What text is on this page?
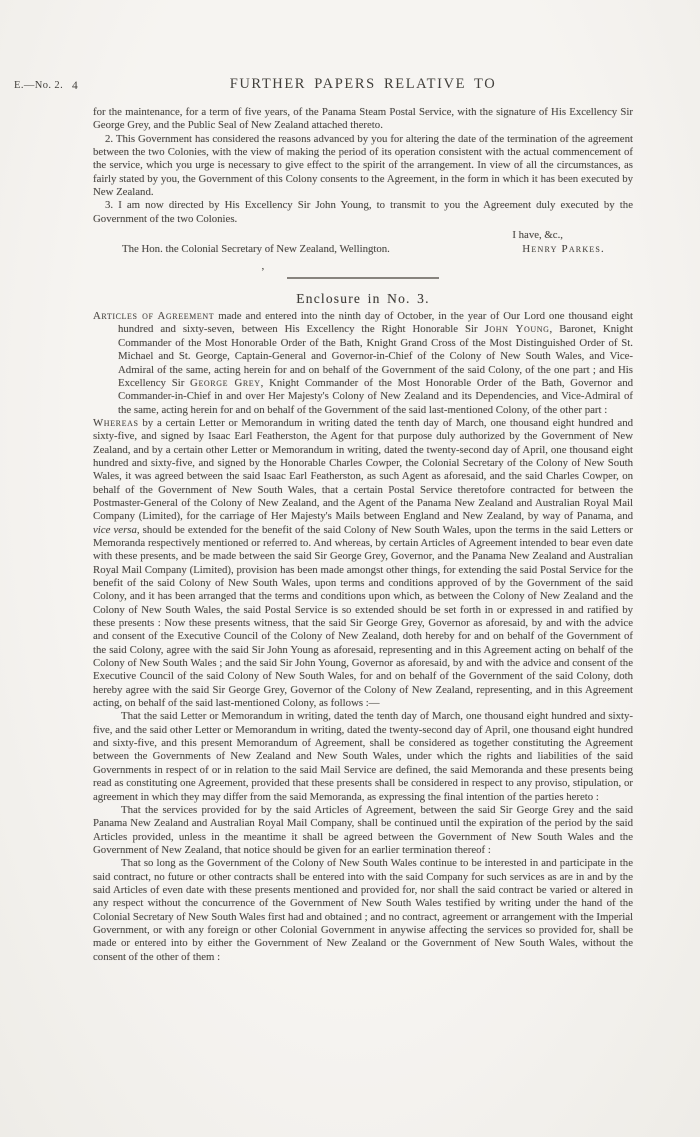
E.—No. 2. 4	FURTHER PAPERS RELATIVE TO

for the maintenance, for a term of five years, of the Panama Steam Postal Service, with the signature of His Excellency Sir George Grey, and the Public Seal of New Zealand attached thereto.

2. This Government has considered the reasons advanced by you for altering the date of the termination of the agreement between the two Colonies, with the view of making the period of its operation consistent with the actual commencement of the service, which you urge is necessary to give effect to the spirit of the arrangement. In view of all the circumstances, as fairly stated by you, the Government of this Colony consents to the Agreement, in the form in which it has been executed by New Zealand.

3. I am now directed by His Excellency Sir John Young, to transmit to you the Agreement duly executed by the Government of the two Colonies.

I have, &c.,
The Hon. the Colonial Secretary of New Zealand, Wellington.	Henry Parkes.
’
Enclosure in No. 3.

Articles of Agreement made and entered into the ninth day of October, in the year of Our Lord one thousand eight hundred and sixty-seven, between His Excellency the Right Honorable Sir John Young, Baronet, Knight Commander of the Most Honorable Order of the Bath, Knight Grand Cross of the Most Distinguished Order of St. Michael and St. George, Captain-General and Governor-in-Chief of the Colony of New South Wales, and Vice-Admiral of the same, acting herein for and on behalf of the Government of the said Colony, of the one part ; and His Excellency Sir George Grey, Knight Commander of the Most Honorable Order of the Bath, Governor and Commander-in-Chief in and over Her Majesty's Colony of New Zealand and its Dependencies, and Vice-Admiral of the same, acting herein for and on behalf of the Government of the said last-mentioned Colony, of the other part :

Whereas by a certain Letter or Memorandum in writing dated the tenth day of March, one thousand eight hundred and sixty-five, and signed by Isaac Earl Featherston, the Agent for that purpose duly authorized by the Government of New Zealand, and by a certain other Letter or Memorandum in writing, dated the twenty-second day of April, one thousand eight hundred and sixty-five, and signed by the Honorable Charles Cowper, the Colonial Secretary of the Colony of New South Wales, it was agreed between the said Isaac Earl Featherston, as such Agent as aforesaid, and the said Charles Cowper, on behalf of the Government of New South Wales, that a certain Postal Service theretofore contracted for between the Postmaster-General of the Colony of New Zealand, and the Agent of the Panama New Zealand and Australian Royal Mail Company (Limited), for the carriage of Her Majesty's Mails between England and New Zealand, by way of Panama, and vice versa, should be extended for the benefit of the said Colony of New South Wales, upon the terms in the said Letters or Memoranda respectively mentioned or referred to. And whereas, by certain Articles of Agreement intended to bear even date with these presents, and be made between the said Sir George Grey, Governor, and the Panama New Zealand and Australian Royal Mail Company (Limited), provision has been made amongst other things, for extending the said Postal Service for the benefit of the said Colony of New South Wales, upon terms and conditions approved of by the Government of the said Colony, and it has been arranged that the terms and conditions upon which, as between the Colony of New Zealand and the Colony of New South Wales, the said Postal Service is so extended should be set forth in or expressed in and ratified by these presents : Now these presents witness, that the said Sir George Grey, Governor as aforesaid, by and with the advice and consent of the Executive Council of the Colony of New Zealand, doth hereby for and on behalf of the Government of the said Colony, agree with the said Sir John Young as aforesaid, representing and in this Agreement acting on behalf of the Colony of New South Wales ; and the said Sir John Young, Governor as aforesaid, by and with the advice and consent of the Executive Council of the said Colony of New South Wales, for and on behalf of the Government of the said Colony, doth hereby agree with the said Sir George Grey, Governor of the Colony of New Zealand, representing, and in this Agreement acting, on behalf of the said last-mentioned Colony, as follows :—

That the said Letter or Memorandum in writing, dated the tenth day of March, one thousand eight hundred and sixty-five, and the said other Letter or Memorandum in writing, dated the twenty-second day of April, one thousand eight hundred and sixty-five, and this present Memorandum of Agreement, shall be considered as together constituting the Agreement between the Governments of New Zealand and New South Wales, under which the rights and liabilities of the said Governments in respect of or in relation to the said Mail Service are defined, the said Memoranda and these presents being read as constituting one Agreement, provided that these presents shall be considered in respect to any proviso, stipulation, or agreement in which they may differ from the said Memoranda, as expressing the final intention of the parties hereto :

That the services provided for by the said Articles of Agreement, between the said Sir George Grey and the said Panama New Zealand and Australian Royal Mail Company, shall be continued until the expiration of the period by the said Articles provided, unless in the meantime it shall be agreed between the Government of New South Wales and the Government of New Zealand, that notice should be given for an earlier termination thereof :

That so long as the Government of the Colony of New South Wales continue to be interested in and participate in the said contract, no future or other contracts shall be entered into with the said Company for such services as are in and by the said Articles of even date with these presents mentioned and provided for, nor shall the said contract be varied or altered in any respect without the concurrence of the Government of New South Wales testified by writing under the hand of the Colonial Secretary of New South Wales first had and obtained ; and no contract, agreement or arrangement with the Imperial Government, or with any foreign or other Colonial Government in anywise affecting the services so provided for, shall be made or entered into by either the Government of New Zealand or the Government of New South Wales, without the consent of the other of them :
